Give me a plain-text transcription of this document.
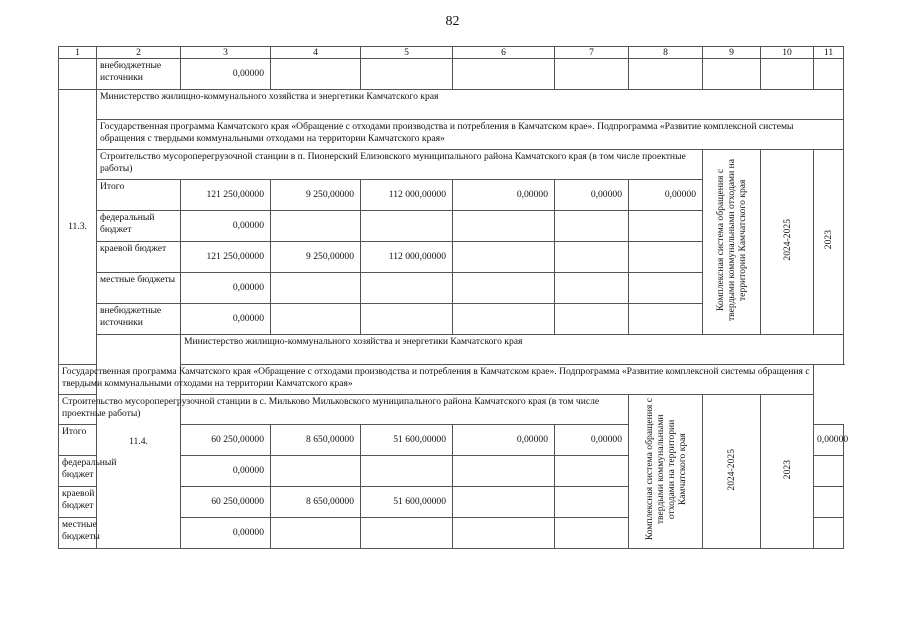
82
1	2	3	4	5	6	7	8	9	10	11
	внебюджетные источники	0,00000								
11.3.	Министерство жилищно-коммунального хозяйства и энергетики Камчатского края									
	Государственная программа Камчатского края «Обращение с отходами производства и потребления в Камчатском крае». Подпрограмма «Развитие комплексной системы обращения с твердыми коммунальными отходами на территории Камчатского края»									
	Строительство мусороперегрузочной станции в п. Пионерский Елизовского муниципального района Камчатского края (в том числе проектные работы)							Комплексная система обращения с
твердыми коммунальными отходами на
территории Камчатского края	2024-2025	2023
	Итого	121 250,00000	9 250,00000	112 000,00000	0,00000	0,00000	0,00000			
	федеральный бюджет	0,00000								
	краевой бюджет	121 250,00000	9 250,00000	112 000,00000						
	местные бюджеты	0,00000								
	внебюджетные источники	0,00000								
	11.4.	Министерство жилищно-коммунального хозяйства и энергетики Камчатского края								
Государственная программа Камчатского края «Обращение с отходами производства и потребления в Камчатском крае». Подпрограмма «Развитие комплексной системы обращения с твердыми коммунальными отходами на территории Камчатского края»										
Строительство мусороперегрузочной станции в с. Мильково Мильковского муниципального района Камчатского края (в том числе проектные работы)							Комплексная система обращения с
твердыми коммунальными
отходами на территории
Камчатского края	2024-2025	2023	
Итого		60 250,00000	8 650,00000	51 600,00000	0,00000	0,00000				0,00000
федеральный бюджет		0,00000								
краевой бюджет		60 250,00000	8 650,00000	51 600,00000						
местные бюджеты		0,00000								
